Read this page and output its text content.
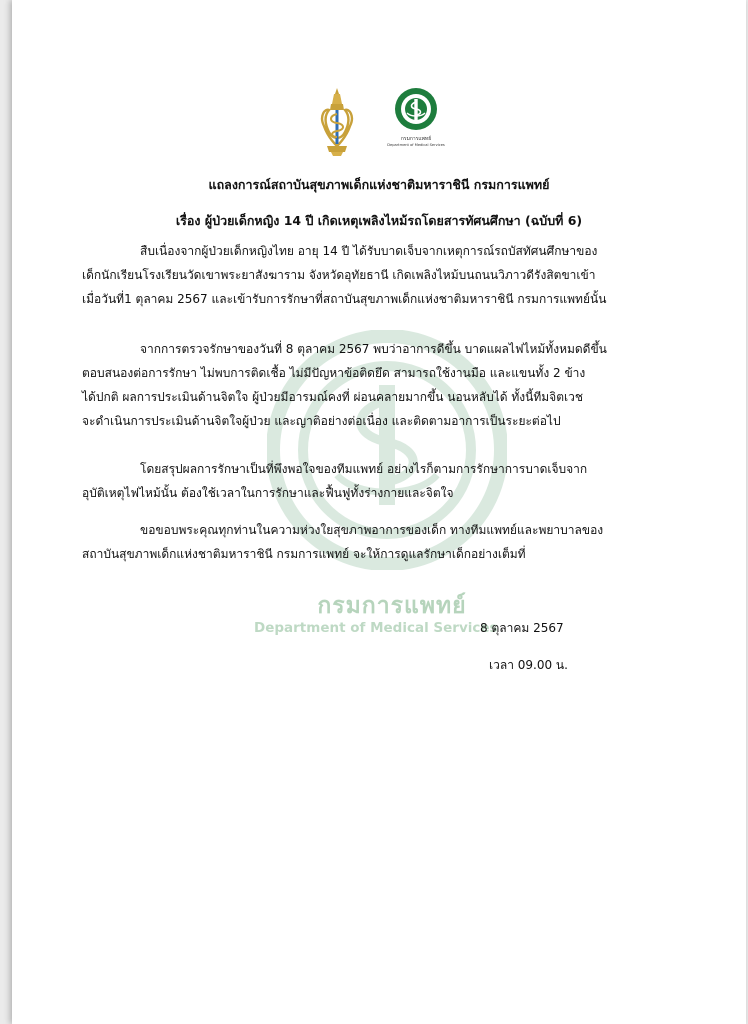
กรมการแพทย์
Department of Medical Services
กรมการแพทย์
Department of Medical Services
แถลงการณ์สถาบันสุขภาพเด็กแห่งชาติมหาราชินี กรมการแพทย์
เรื่อง ผู้ป่วยเด็กหญิง 14 ปี เกิดเหตุเพลิงไหม้รถโดยสารทัศนศึกษา (ฉบับที่ 6)
สืบเนื่องจากผู้ป่วยเด็กหญิงไทย อายุ 14 ปี ได้รับบาดเจ็บจากเหตุการณ์รถบัสทัศนศึกษาของ
เด็กนักเรียนโรงเรียนวัดเขาพระยาสังฆาราม จังหวัดอุทัยธานี เกิดเพลิงไหม้บนถนนวิภาวดีรังสิตขาเข้า
เมื่อวันที่1 ตุลาคม 2567 และเข้ารับการรักษาที่สถาบันสุขภาพเด็กแห่งชาติมหาราชินี กรมการแพทย์นั้น
จากการตรวจรักษาของวันที่ 8 ตุลาคม 2567 พบว่าอาการดีขึ้น บาดแผลไฟไหม้ทั้งหมดดีขึ้น
ตอบสนองต่อการรักษา ไม่พบการติดเชื้อ ไม่มีปัญหาข้อติดยึด สามารถใช้งานมือ และแขนทั้ง 2 ข้าง
ได้ปกติ ผลการประเมินด้านจิตใจ ผู้ป่วยมีอารมณ์คงที่ ผ่อนคลายมากขึ้น นอนหลับได้ ทั้งนี้ทีมจิตเวช
จะดำเนินการประเมินด้านจิตใจผู้ป่วย และญาติอย่างต่อเนื่อง และติดตามอาการเป็นระยะต่อไป
โดยสรุปผลการรักษาเป็นที่พึงพอใจของทีมแพทย์ อย่างไรก็ตามการรักษาการบาดเจ็บจาก
อุบัติเหตุไฟไหม้นั้น ต้องใช้เวลาในการรักษาและฟื้นฟูทั้งร่างกายและจิตใจ
ขอขอบพระคุณทุกท่านในความห่วงใยสุขภาพอาการของเด็ก ทางทีมแพทย์และพยาบาลของ
สถาบันสุขภาพเด็กแห่งชาติมหาราชินี กรมการแพทย์ จะให้การดูแลรักษาเด็กอย่างเต็มที่
8 ตุลาคม 2567
เวลา 09.00 น.
